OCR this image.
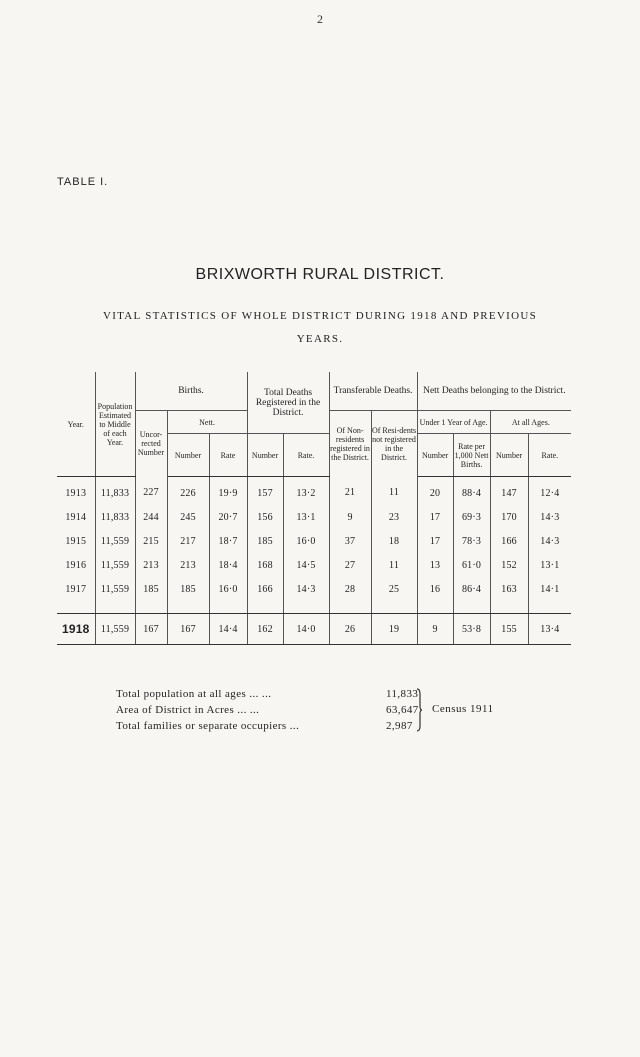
2
TABLE I.
BRIXWORTH RURAL DISTRICT.
VITAL STATISTICS OF WHOLE DISTRICT DURING 1918 AND PREVIOUS
YEARS.
Year.	Population Estimated to Middle of each Year.	Births.			Total Deaths Registered in the District.		Transferable Deaths.		Nett Deaths belonging to the District.			
		Uncor-rected Number	Nett.				Of Non-residents registered in the District.	Of Resi-dents not registered in the District.	Under 1 Year of Age.		At all Ages.	
			Number	Rate	Number	Rate.			Number	Rate per 1,000 Nett Births.	Number	Rate.
1913	11,833	227	226	19·9	157	13·2	21	11	20	88·4	147	12·4
1914	11,833	244	245	20·7	156	13·1	9	23	17	69·3	170	14·3
1915	11,559	215	217	18·7	185	16·0	37	18	17	78·3	166	14·3
1916	11,559	213	213	18·4	168	14·5	27	11	13	61·0	152	13·1
1917	11,559	185	185	16·0	166	14·3	28	25	16	86·4	163	14·1

1918	11,559	167	167	14·4	162	14·0	26	19	9	53·8	155	13·4
Total population at all ages ... ...	11,833
Area of District in Acres ... ...	63,647
Total families or separate occupiers ...	2,987
Census 1911
